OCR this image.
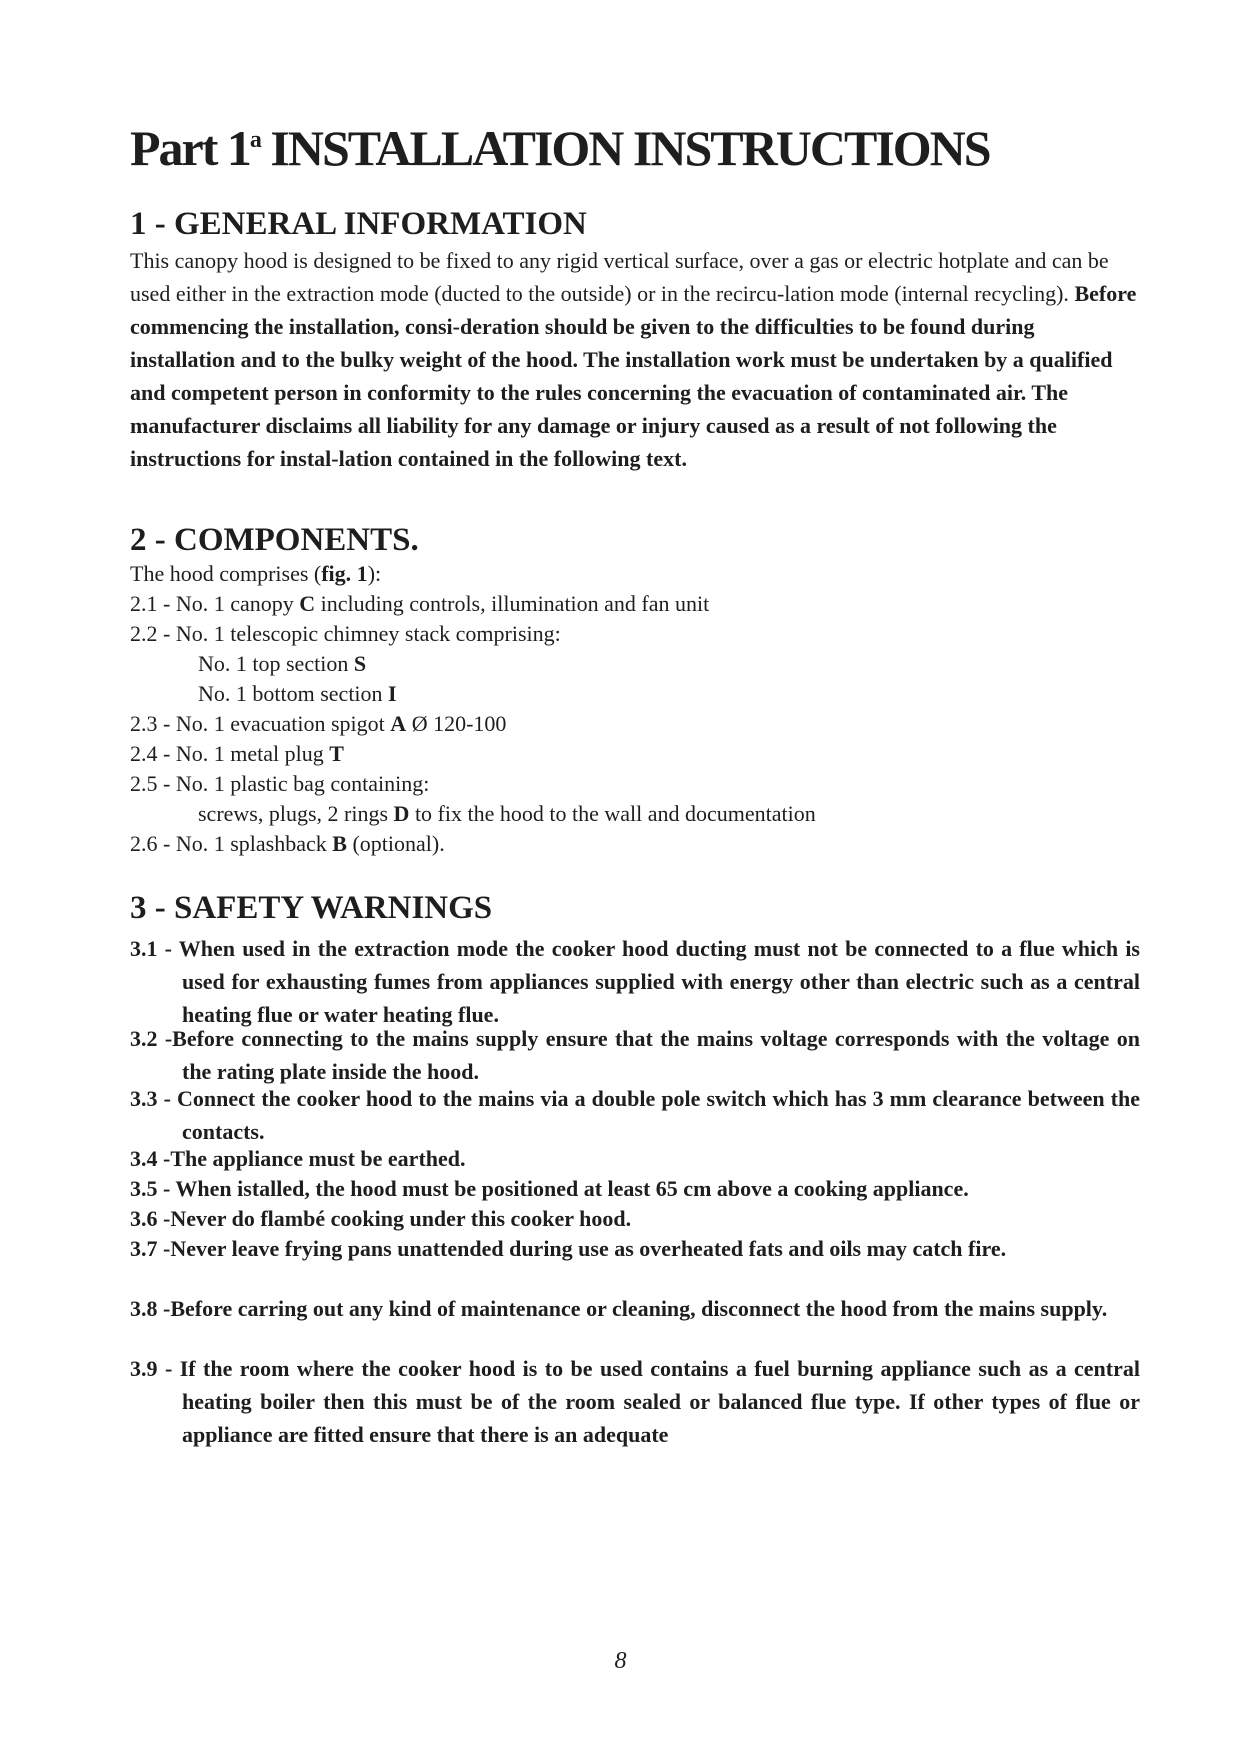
Part 1$^a$ INSTALLATION INSTRUCTIONS
1 - GENERAL INFORMATION
This canopy hood is designed to be fixed to any rigid vertical surface, over a gas or electric hotplate and can be used either in the extraction mode (ducted to the outside) or in the recircu-lation mode (internal recycling). Before commencing the installation, consi-deration should be given to the difficulties to be found during installation and to the bulky weight of the hood. The installation work must be undertaken by a qualified and competent person in conformity to the rules concerning the evacuation of contaminated air. The manufacturer disclaims all liability for any damage or injury caused as a result of not following the instructions for instal-lation contained in the following text.
2 - COMPONENTS.
The hood comprises (fig. 1):
2.1 - No. 1 canopy C including controls, illumination and fan unit
2.2 - No. 1 telescopic chimney stack comprising:
No. 1 top section S
No. 1 bottom section I
2.3 - No. 1 evacuation spigot A Ø 120-100
2.4 - No. 1 metal plug T
2.5 - No. 1 plastic bag containing:
screws, plugs, 2 rings D to fix the hood to the wall and documentation
2.6 - No. 1 splashback B (optional).
3 - SAFETY WARNINGS
3.1 - When used in the extraction mode the cooker hood ducting must not be connected to a flue which is used for exhausting fumes from appliances supplied with energy other than electric such as a central heating flue or water heating flue.
3.2 -Before connecting to the mains supply ensure that the mains voltage corresponds with the voltage on the rating plate inside the hood.
3.3 - Connect the cooker hood to the mains via a double pole switch which has 3 mm clearance between the contacts.
3.4 -The appliance must be earthed.
3.5 - When istalled, the hood must be positioned at least 65 cm above a cooking appliance.
3.6 -Never do flambé cooking under this cooker hood.
3.7 -Never leave frying pans unattended during use as overheated fats and oils may catch fire.
3.8 -Before carring out any kind of maintenance or cleaning, disconnect the hood from the mains supply.
3.9 - If the room where the cooker hood is to be used contains a fuel burning appliance such as a central heating boiler then this must be of the room sealed or balanced flue type. If other types of flue or appliance are fitted ensure that there is an adequate
8
